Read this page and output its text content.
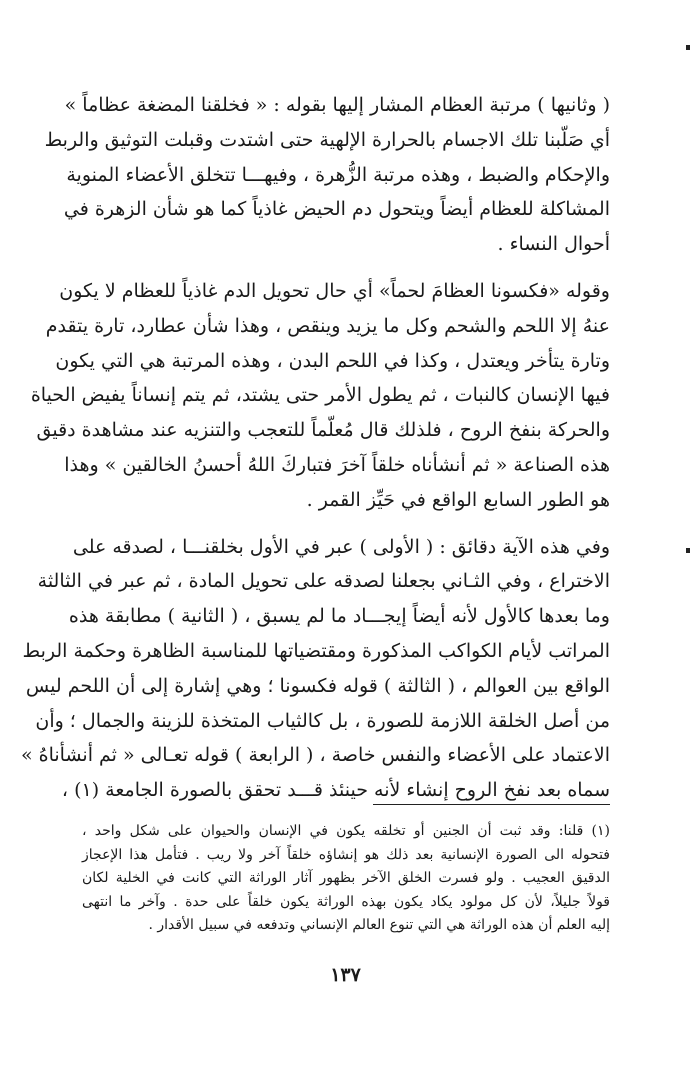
( وثانيها ) مرتبة العظام المشار إليها بقوله : « فخلقنا المضغة عظاماً »
أي صَلّبنا تلك الاجسام بالحرارة الإلهية حتى اشتدت وقبلت التوثيق والربط
والإحكام والضبط ، وهذه مرتبة الزُّهرة ، وفيهـــا تتخلق الأعضاء المنوية
المشاكلة للعظام أيضاً ويتحول دم الحيض غاذياً كما هو شأن الزهرة في
أحوال النساء .
وقوله «فكسونا العظامَ لحماً» أي حال تحويل الدم غاذياً للعظام لا يكون
عنهُ إلا اللحم والشحم وكل ما يزيد وينقص ، وهذا شأن عطارد، تارة يتقدم
وتارة يتأخر ويعتدل ، وكذا في اللحم البدن ، وهذه المرتبة هي التي يكون
فيها الإنسان كالنبات ، ثم يطول الأمر حتى يشتد، ثم يتم إنساناً يفيض الحياة
والحركة بنفخ الروح ، فلذلك قال مُعلّماً للتعجب والتنزيه عند مشاهدة دقيق
هذه الصناعة « ثم أنشأناه خلقاً آخرَ فتباركَ اللهُ أحسنُ الخالقين » وهذا
هو الطور السابع الواقع في حَيِّز القمر .
وفي هذه الآية دقائق : ( الأولى ) عبر في الأول بخلقنـــا ، لصدقه على
الاختراع ، وفي الثـاني بجعلنا لصدقه على تحويل المادة ، ثم عبر في الثالثة
وما بعدها كالأول لأنه أيضاً إيجـــاد ما لم يسبق ، ( الثانية ) مطابقة هذه
المراتب لأيام الكواكب المذكورة ومقتضياتها للمناسبة الظاهرة وحكمة الربط
الواقع بين العوالم ، ( الثالثة ) قوله فكسونا ؛ وهي إشارة إلى أن اللحم ليس
من أصل الخلقة اللازمة للصورة ، بل كالثياب المتخذة للزينة والجمال ؛ وأن
الاعتماد على الأعضاء والنفس خاصة ، ( الرابعة ) قوله تعـالى « ثم أنشأناهُ »
سماه بعد نفخ الروح إنشاء لأنه حينئذ قـــد تحقق بالصورة الجامعة (١) ،
(١) قلنا: وقد ثبت أن الجنين أو تخلقه يكون في الإنسان والحيوان على شكل واحد ،
فتحوله الى الصورة الإنسانية بعد ذلك هو إنشاؤه خلقاً آخر ولا ريب . فتأمل هذا الإعجاز
الدقيق العجيب . ولو فسرت الخلق الآخر بظهور آثار الوراثة التي كانت في الخلية لكان
قولاً جليلاً، لأن كل مولود يكاد يكون بهذه الوراثة يكون خلقاً على حدة . وآخر ما انتهى
إليه العلم أن هذه الوراثة هي التي تنوع العالم الإنساني وتدفعه في سبيل الأقدار .
١٣٧
